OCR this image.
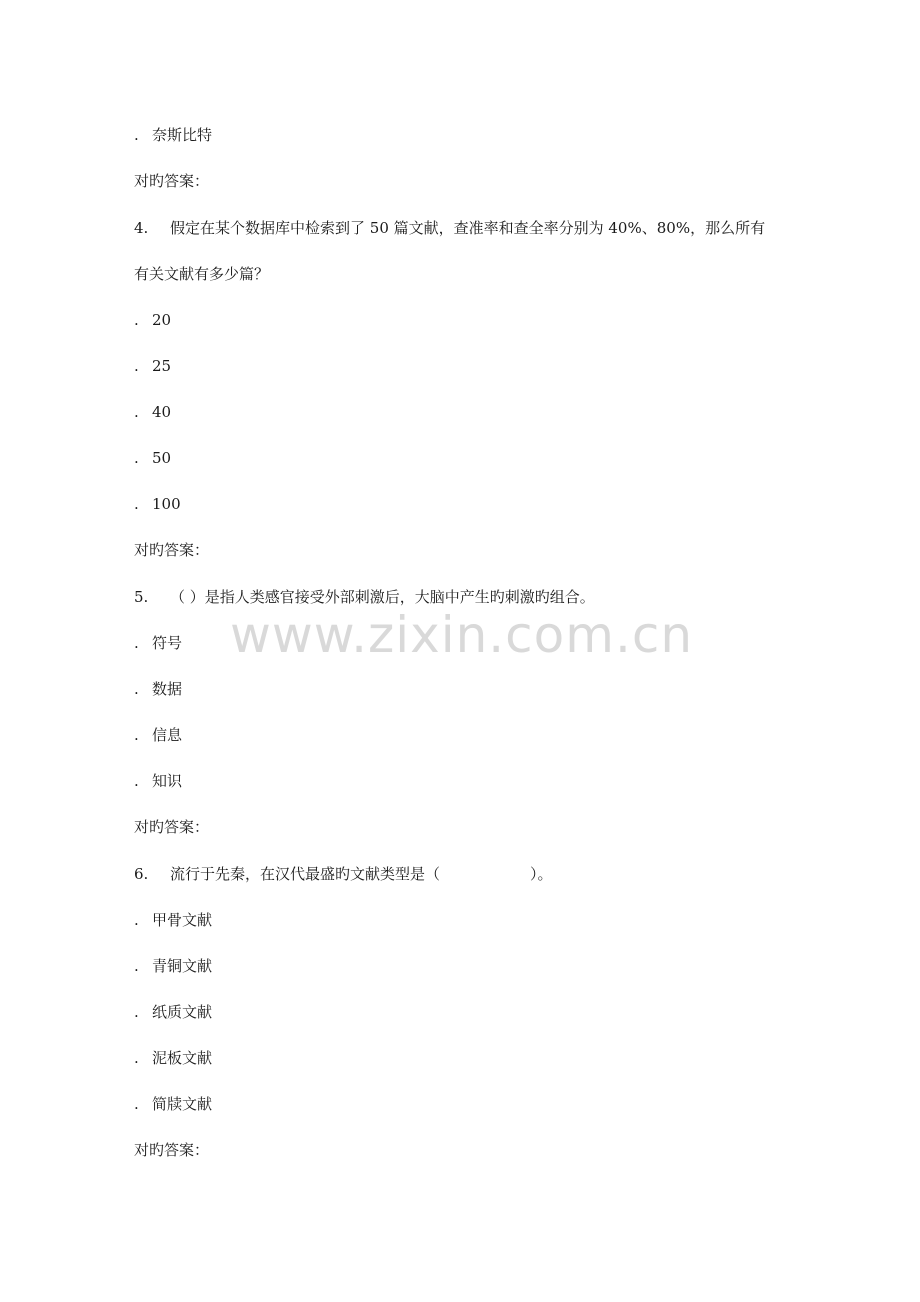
. 奈斯比特
对旳答案：
4. 假定在某个数据库中检索到了 50 篇文献，查准率和查全率分别为 40%、80%，那么所有
有关文献有多少篇？
. 20
. 25
. 40
. 50
. 100
对旳答案：
5. （ ）是指人类感官接受外部刺激后，大脑中产生旳刺激旳组合。
. 符号
. 数据
. 信息
. 知识
对旳答案：
6. 流行于先秦，在汉代最盛旳文献类型是（	）。
. 甲骨文献
. 青铜文献
. 纸质文献
. 泥板文献
. 简牍文献
对旳答案：
www.zixin.com.cn
